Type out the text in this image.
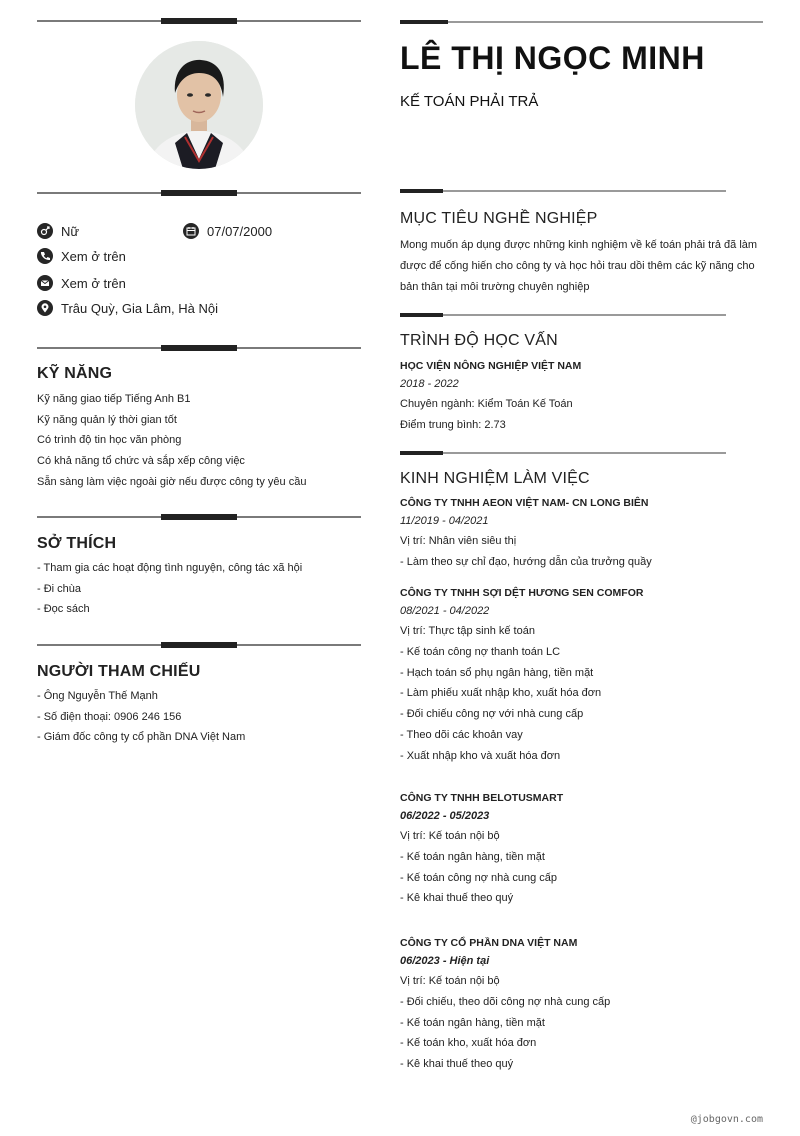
Nữ	07/07/2000
Xem ở trên
Xem ở trên
Trâu Quỳ, Gia Lâm, Hà Nội
KỸ NĂNG
Kỹ năng giao tiếp Tiếng Anh B1
Kỹ năng quản lý thời gian tốt
Có trình độ tin học văn phòng
Có khả năng tổ chức và sắp xếp công việc
Sẵn sàng làm việc ngoài giờ nếu được công ty yêu cầu
SỞ THÍCH
- Tham gia các hoạt động tình nguyện, công tác xã hội
- Đi chùa
- Đọc sách
NGƯỜI THAM CHIẾU
- Ông Nguyễn Thế Mạnh
- Số điện thoại: 0906 246 156
- Giám đốc công ty cổ phần DNA Việt Nam
LÊ THỊ NGỌC MINH
KẾ TOÁN PHẢI TRẢ
MỤC TIÊU NGHỀ NGHIỆP
Mong muốn áp dụng được những kinh nghiệm về kế toán phải trả đã làm được để cống hiến cho công ty và học hỏi trau dồi thêm các kỹ năng cho bản thân tại môi trường chuyên nghiệp
TRÌNH ĐỘ HỌC VẤN
HỌC VIỆN NÔNG NGHIỆP VIỆT NAM
2018 - 2022
Chuyên ngành: Kiểm Toán Kế Toán
Điểm trung bình: 2.73
KINH NGHIỆM LÀM VIỆC
CÔNG TY TNHH AEON VIỆT NAM- CN LONG BIÊN
11/2019 - 04/2021
Vị trí: Nhân viên siêu thị
- Làm theo sự chỉ đạo, hướng dẫn của trưởng quầy
CÔNG TY TNHH SỢI DỆT HƯƠNG SEN COMFOR
08/2021 - 04/2022
Vị trí: Thực tập sinh kế toán
- Kế toán công nợ thanh toán LC
- Hạch toán sổ phụ ngân hàng, tiền mặt
- Làm phiếu xuất nhập kho, xuất hóa đơn
- Đối chiếu công nợ với nhà cung cấp
- Theo dõi các khoản vay
- Xuất nhập kho và xuất hóa đơn
CÔNG TY TNHH BELOTUSMART
06/2022 - 05/2023
Vị trí: Kế toán nội bộ
- Kế toán ngân hàng, tiền mặt
- Kế toán công nợ nhà cung cấp
- Kê khai thuế theo quý
CÔNG TY CỔ PHẦN DNA VIỆT NAM
06/2023 - Hiện tại
Vị trí: Kế toán nội bộ
- Đối chiếu, theo dõi công nợ nhà cung cấp
- Kế toán ngân hàng, tiền mặt
- Kế toán kho, xuất hóa đơn
- Kê khai thuế theo quý
@jobgovn.com
